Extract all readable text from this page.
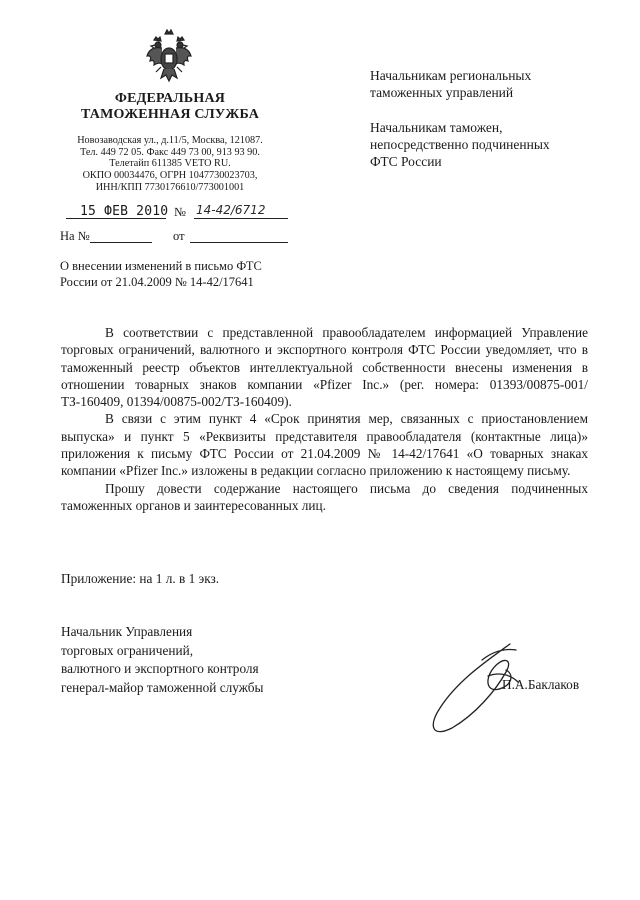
ФЕДЕРАЛЬНАЯ
ТАМОЖЕННАЯ СЛУЖБА
Новозаводская ул., д.11/5, Москва, 121087.
Тел. 449 72 05. Факс 449 73 00, 913 93 90.
Телетайп 611385 VETO RU.
ОКПО 00034476, ОГРН 1047730023703,
ИНН/КПП 7730176610/773001001
15 ФЕВ 2010 № 14-42/6712
На №	от
О внесении изменений в письмо ФТС
России от 21.04.2009 № 14-42/17641
Начальникам региональных
таможенных управлений
Начальникам таможен,
непосредственно подчиненных
ФТС России

В соответствии с представленной правообладателем информацией Управление торговых ограничений, валютного и экспортного контроля ФТС России уведомляет, что в таможенный реестр объектов интеллектуальной собственности внесены изменения в отношении товарных знаков компании «Pfizer Inc.» (рег. номера: 01393/00875-001/ТЗ-160409, 01394/00875-002/ТЗ-160409).

В связи с этим пункт 4 «Срок принятия мер, связанных с приостановлением выпуска» и пункт 5 «Реквизиты представителя правообладателя (контактные лица)» приложения к письму ФТС России от 21.04.2009 № 14-42/17641 «О товарных знаках компании «Pfizer Inc.» изложены в редакции согласно приложению к настоящему письму.

Прошу довести содержание настоящего письма до сведения подчиненных таможенных органов и заинтересованных лиц.

Приложение: на 1 л. в 1 экз.
Начальник Управления
торговых ограничений,
валютного и экспортного контроля
генерал-майор таможенной службы	П.А.Баклаков
